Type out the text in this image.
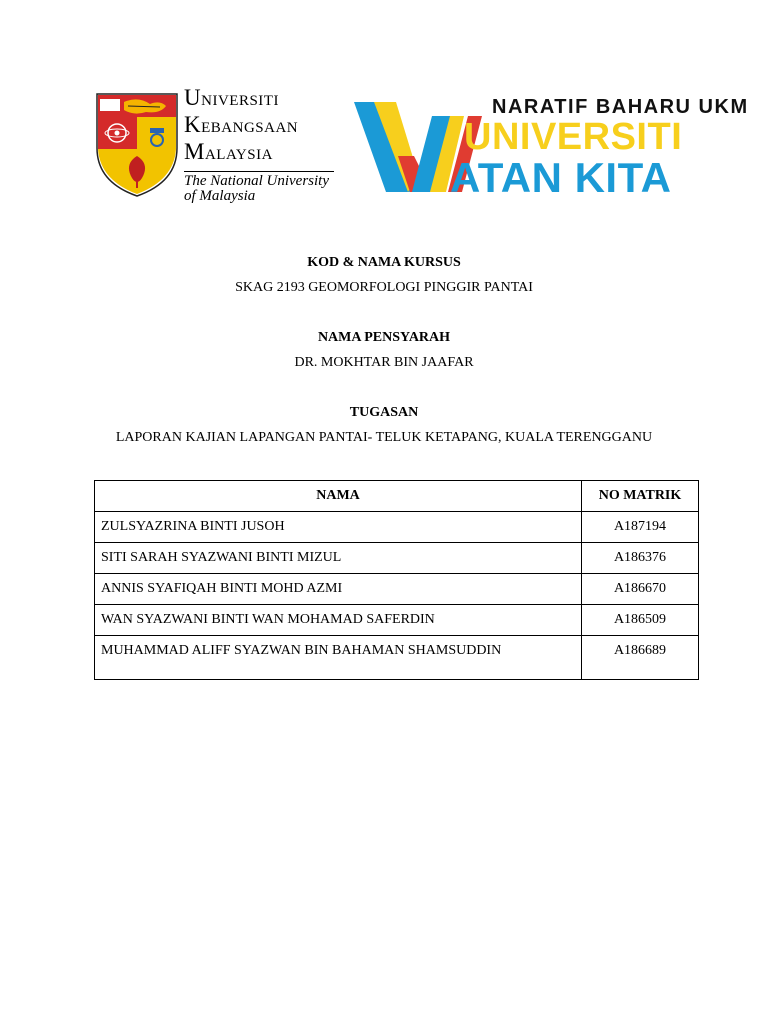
UNIVERSITI
KEBANGSAAN
MALAYSIA
The National University
of Malaysia
NARATIF BAHARU UKM
UNIVERSITI
ATAN KITA
KOD & NAMA KURSUS
SKAG 2193 GEOMORFOLOGI PINGGIR PANTAI
NAMA PENSYARAH
DR. MOKHTAR BIN JAAFAR
TUGASAN
LAPORAN KAJIAN LAPANGAN PANTAI- TELUK KETAPANG, KUALA TERENGGANU
NAMA	NO MATRIK
ZULSYAZRINA BINTI JUSOH	A187194
SITI SARAH SYAZWANI BINTI MIZUL	A186376
ANNIS SYAFIQAH BINTI MOHD AZMI	A186670
WAN SYAZWANI BINTI WAN MOHAMAD SAFERDIN	A186509
MUHAMMAD ALIFF SYAZWAN BIN BAHAMAN SHAMSUDDIN	A186689
